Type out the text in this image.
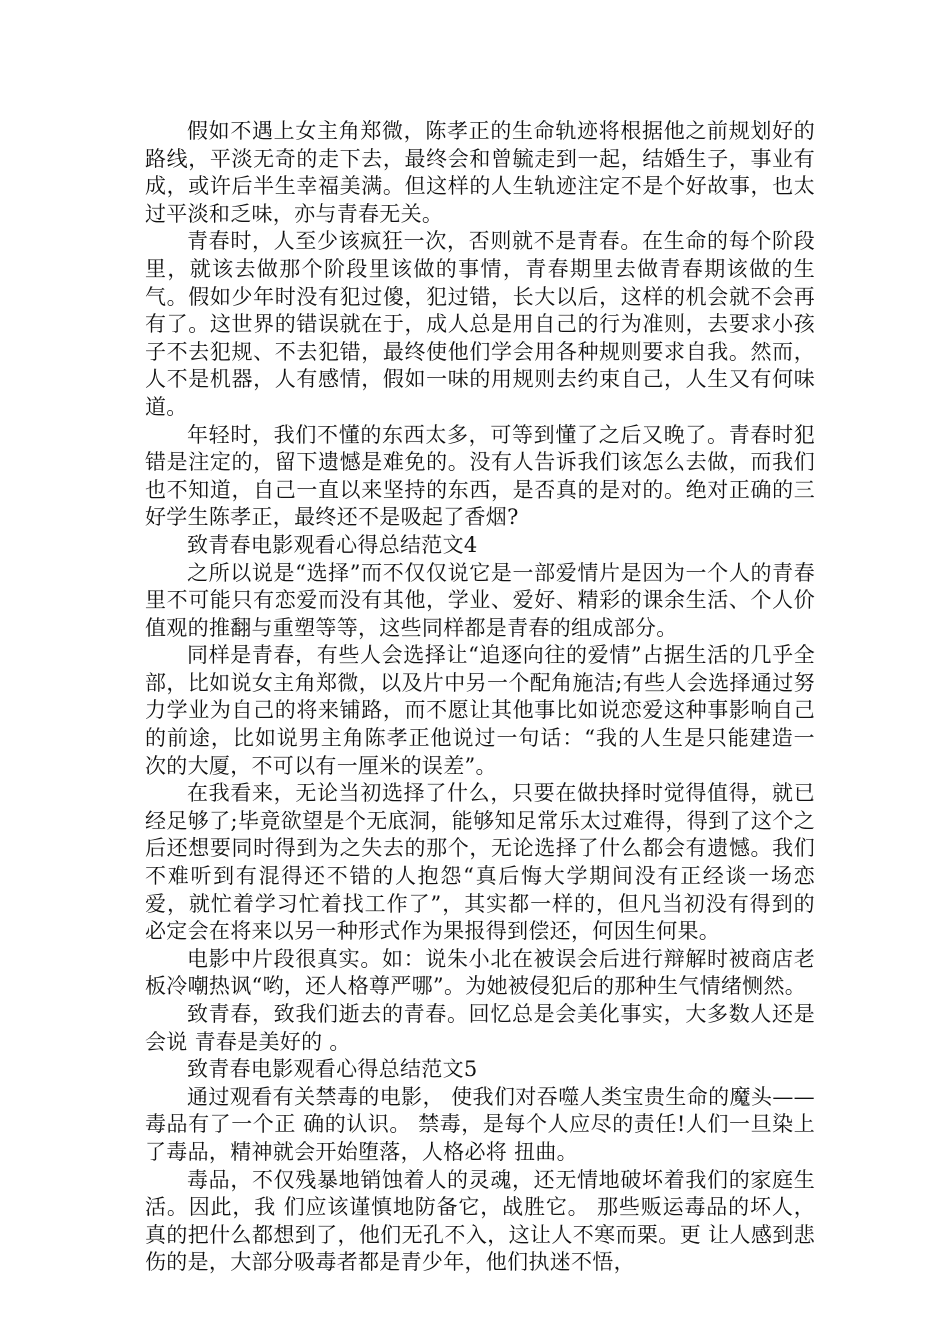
假如不遇上女主角郑微，陈孝正的生命轨迹将根据他之前规划好的路线，平淡无奇的走下去，最终会和曾毓走到一起，结婚生子，事业有成，或许后半生幸福美满。但这样的人生轨迹注定不是个好故事，也太过平淡和乏味，亦与青春无关。

青春时，人至少该疯狂一次，否则就不是青春。在生命的每个阶段里，就该去做那个阶段里该做的事情，青春期里去做青春期该做的生气。假如少年时没有犯过傻，犯过错，长大以后，这样的机会就不会再有了。这世界的错误就在于，成人总是用自己的行为准则，去要求小孩子不去犯规、不去犯错，最终使他们学会用各种规则要求自我。然而，人不是机器，人有感情，假如一味的用规则去约束自己，人生又有何味道。

年轻时，我们不懂的东西太多，可等到懂了之后又晚了。青春时犯错是注定的，留下遗憾是难免的。没有人告诉我们该怎么去做，而我们也不知道，自己一直以来坚持的东西，是否真的是对的。绝对正确的三好学生陈孝正，最终还不是吸起了香烟?

致青春电影观看心得总结范文4

之所以说是“选择”而不仅仅说它是一部爱情片是因为一个人的青春里不可能只有恋爱而没有其他，学业、爱好、精彩的课余生活、个人价值观的推翻与重塑等等，这些同样都是青春的组成部分。

同样是青春，有些人会选择让“追逐向往的爱情”占据生活的几乎全部，比如说女主角郑微，以及片中另一个配角施洁;有些人会选择通过努力学业为自己的将来铺路，而不愿让其他事比如说恋爱这种事影响自己的前途，比如说男主角陈孝正他说过一句话：“我的人生是只能建造一次的大厦，不可以有一厘米的误差”。

在我看来，无论当初选择了什么，只要在做抉择时觉得值得，就已经足够了;毕竟欲望是个无底洞，能够知足常乐太过难得，得到了这个之后还想要同时得到为之失去的那个，无论选择了什么都会有遗憾。我们不难听到有混得还不错的人抱怨“真后悔大学期间没有正经谈一场恋爱，就忙着学习忙着找工作了”，其实都一样的，但凡当初没有得到的必定会在将来以另一种形式作为果报得到偿还，何因生何果。

电影中片段很真实。如：说朱小北在被误会后进行辩解时被商店老板冷嘲热讽“哟，还人格尊严哪”。为她被侵犯后的那种生气情绪恻然。

致青春，致我们逝去的青春。回忆总是会美化事实，大多数人还是会说 青春是美好的 。

致青春电影观看心得总结范文5

通过观看有关禁毒的电影， 使我们对吞噬人类宝贵生命的魔头——毒品有了一个正 确的认识。 禁毒，是每个人应尽的责任!人们一旦染上了毒品，精神就会开始堕落，人格必将 扭曲。

毒品，不仅残暴地销蚀着人的灵魂，还无情地破坏着我们的家庭生活。因此，我 们应该谨慎地防备它，战胜它。 那些贩运毒品的坏人，真的把什么都想到了，他们无孔不入，这让人不寒而栗。更 让人感到悲伤的是，大部分吸毒者都是青少年，他们执迷不悟，
